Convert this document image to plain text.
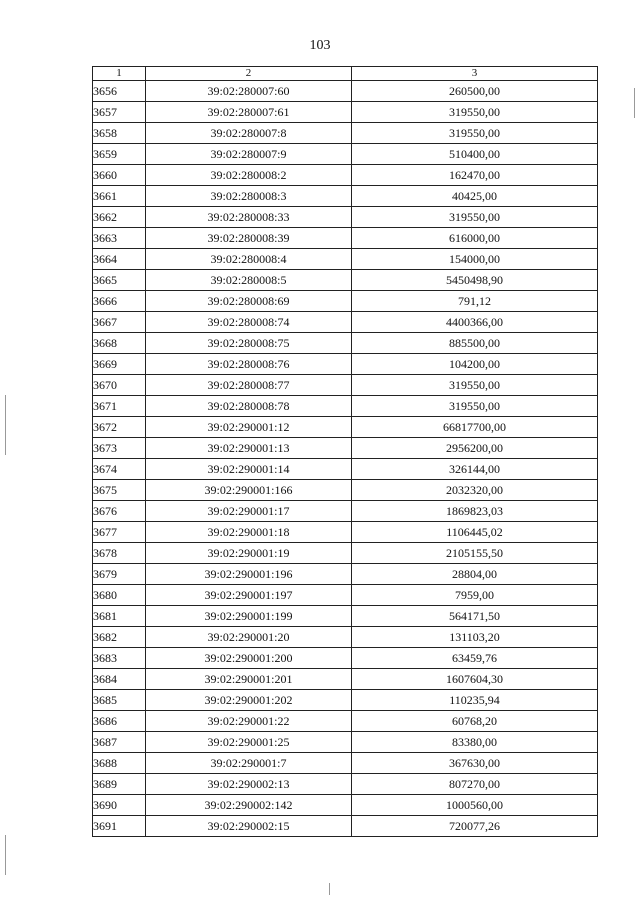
103
1	2	3
3656	39:02:280007:60	260500,00
3657	39:02:280007:61	319550,00
3658	39:02:280007:8	319550,00
3659	39:02:280007:9	510400,00
3660	39:02:280008:2	162470,00
3661	39:02:280008:3	40425,00
3662	39:02:280008:33	319550,00
3663	39:02:280008:39	616000,00
3664	39:02:280008:4	154000,00
3665	39:02:280008:5	5450498,90
3666	39:02:280008:69	791,12
3667	39:02:280008:74	4400366,00
3668	39:02:280008:75	885500,00
3669	39:02:280008:76	104200,00
3670	39:02:280008:77	319550,00
3671	39:02:280008:78	319550,00
3672	39:02:290001:12	66817700,00
3673	39:02:290001:13	2956200,00
3674	39:02:290001:14	326144,00
3675	39:02:290001:166	2032320,00
3676	39:02:290001:17	1869823,03
3677	39:02:290001:18	1106445,02
3678	39:02:290001:19	2105155,50
3679	39:02:290001:196	28804,00
3680	39:02:290001:197	7959,00
3681	39:02:290001:199	564171,50
3682	39:02:290001:20	131103,20
3683	39:02:290001:200	63459,76
3684	39:02:290001:201	1607604,30
3685	39:02:290001:202	110235,94
3686	39:02:290001:22	60768,20
3687	39:02:290001:25	83380,00
3688	39:02:290001:7	367630,00
3689	39:02:290002:13	807270,00
3690	39:02:290002:142	1000560,00
3691	39:02:290002:15	720077,26
